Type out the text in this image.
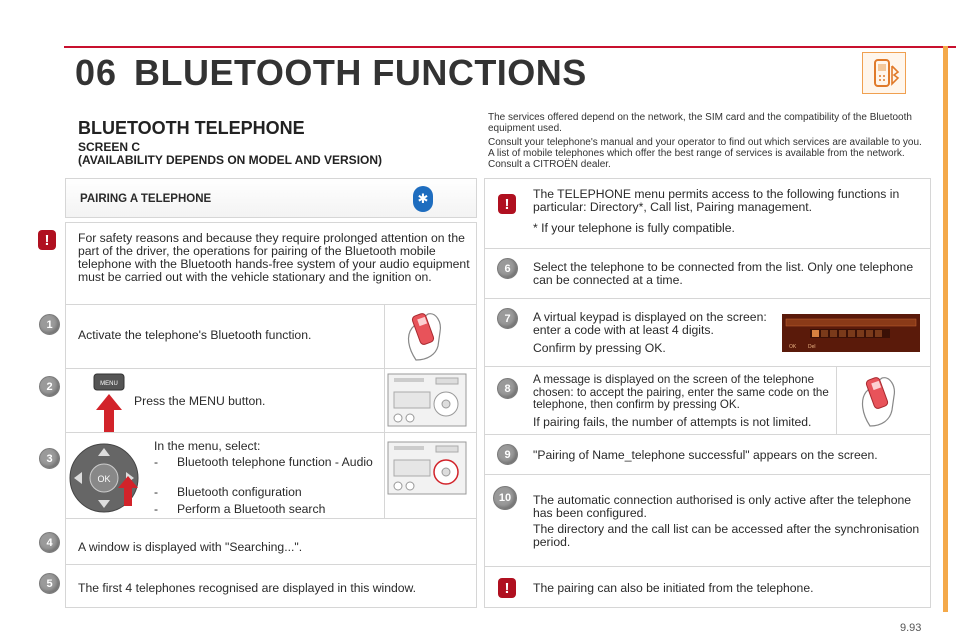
06 BLUETOOTH FUNCTIONS
BLUETOOTH TELEPHONE
SCREEN C
(AVAILABILITY DEPENDS ON MODEL AND VERSION)
The services offered depend on the network, the SIM card and the compatibility of the Bluetooth equipment used.
Consult your telephone's manual and your operator to find out which services are available to you. A list of mobile telephones which offer the best range of services is available from the network. Consult a CITROËN dealer.
PAIRING A TELEPHONE	✱
!	For safety reasons and because they require prolonged attention on the part of the driver, the operations for pairing of the Bluetooth mobile telephone with the Bluetooth hands-free system of your audio equipment must be carried out with the vehicle stationary and the ignition on.
1
Activate the telephone's Bluetooth function.
2	MENU
Press the MENU button.
3
OK
In the menu, select:
- Bluetooth telephone function - Audio
- Bluetooth configuration
- Perform a Bluetooth search
4	A window is displayed with "Searching...".
5	The first 4 telephones recognised are displayed in this window.
!
The TELEPHONE menu permits access to the following functions in particular: Directory*, Call list, Pairing management.
* If your telephone is fully compatible.
6	Select the telephone to be connected from the list. Only one telephone can be connected at a time.
7	A virtual keypad is displayed on the screen: enter a code with at least 4 digits.
Confirm by pressing OK.	OK Del
8
A message is displayed on the screen of the telephone chosen: to accept the pairing, enter the same code on the telephone, then confirm by pressing OK.
If pairing fails, the number of attempts is not limited.
9	"Pairing of Name_telephone successful" appears on the screen.
10	The automatic connection authorised is only active after the telephone has been configured.
The directory and the call list can be accessed after the synchronisation period.
!	The pairing can also be initiated from the telephone.
9.93
